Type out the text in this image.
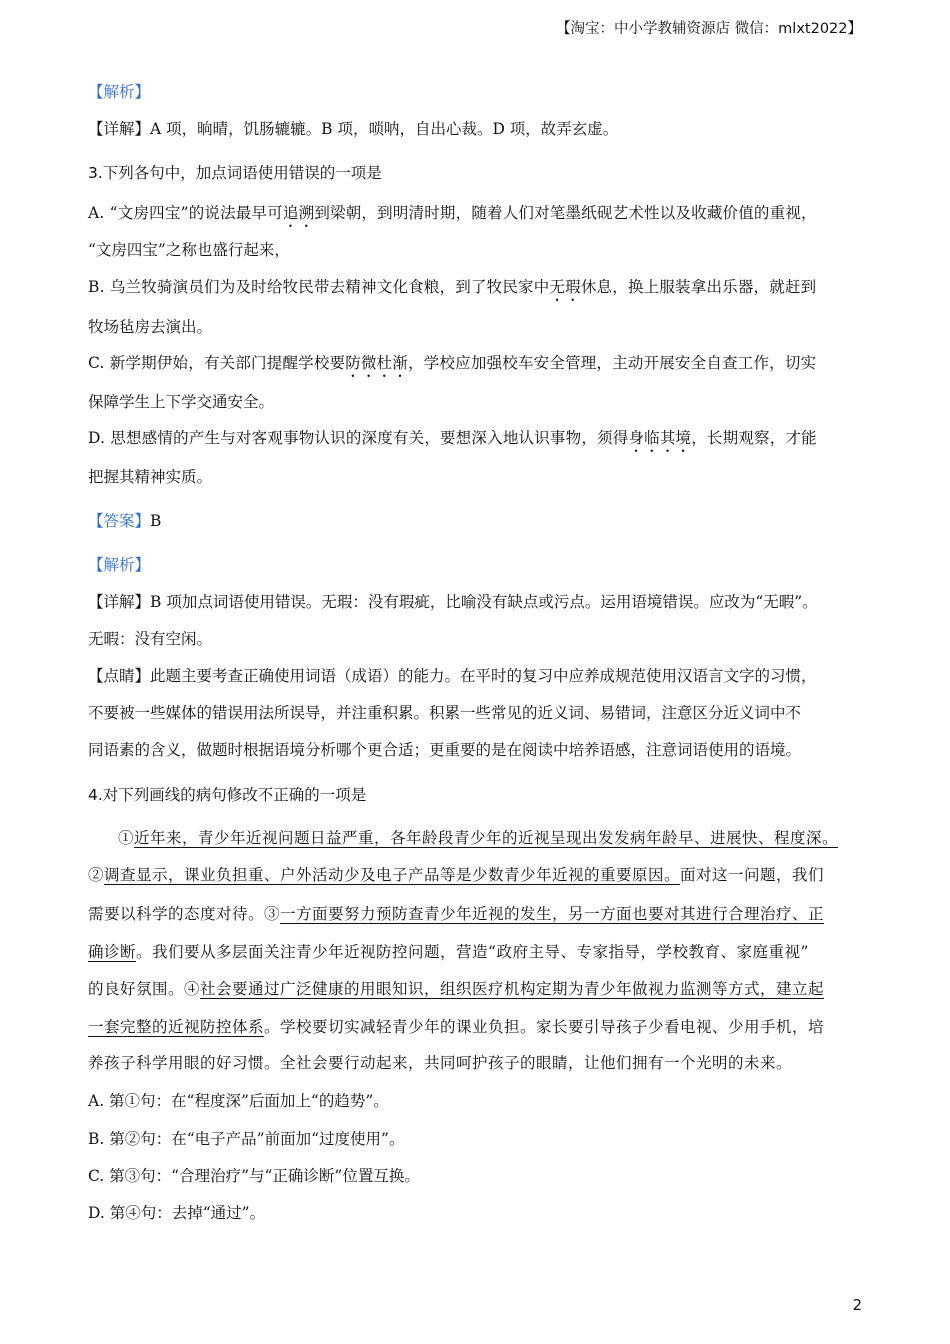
【淘宝：中小学教辅资源店 微信：mlxt2022】
【解析】
【详解】A 项，晌晴，饥肠辘辘。B 项，唢呐，自出心裁。D 项，故弄玄虚。
3.下列各句中，加点词语使用错误的一项是
A. “文房四宝”的说法最早可追溯到梁朝，到明清时期，随着人们对笔墨纸砚艺术性以及收藏价值的重视，
“文房四宝”之称也盛行起来，
B. 乌兰牧骑演员们为及时给牧民带去精神文化食粮，到了牧民家中无瑕休息，换上服装拿出乐器，就赶到
牧场毡房去演出。
C. 新学期伊始，有关部门提醒学校要防微杜渐，学校应加强校车安全管理，主动开展安全自查工作，切实
保障学生上下学交通安全。
D. 思想感情的产生与对客观事物认识的深度有关，要想深入地认识事物，须得身临其境，长期观察，才能
把握其精神实质。
【答案】B
【解析】
【详解】B 项加点词语使用错误。无瑕：没有瑕疵，比喻没有缺点或污点。运用语境错误。应改为“无暇”。
无暇：没有空闲。
【点睛】此题主要考查正确使用词语（成语）的能力。在平时的复习中应养成规范使用汉语言文字的习惯，
不要被一些媒体的错误用法所误导，并注重积累。积累一些常见的近义词、易错词，注意区分近义词中不
同语素的含义，做题时根据语境分析哪个更合适；更重要的是在阅读中培养语感，注意词语使用的语境。
4.对下列画线的病句修改不正确的一项是
①近年来，青少年近视问题日益严重，各年龄段青少年的近视呈现出发发病年龄早、进展快、程度深。
②调查显示，课业负担重、户外活动少及电子产品等是少数青少年近视的重要原因。面对这一问题，我们
需要以科学的态度对待。③一方面要努力预防查青少年近视的发生，另一方面也要对其进行合理治疗、正
确诊断。我们要从多层面关注青少年近视防控问题，营造“政府主导、专家指导，学校教育、家庭重视”
的良好氛围。④社会要通过广泛健康的用眼知识，组织医疗机构定期为青少年做视力监测等方式，建立起
一套完整的近视防控体系。学校要切实减轻青少年的课业负担。家长要引导孩子少看电视、少用手机，培
养孩子科学用眼的好习惯。全社会要行动起来，共同呵护孩子的眼睛，让他们拥有一个光明的未来。
A. 第①句：在“程度深”后面加上“的趋势”。
B. 第②句：在“电子产品”前面加“过度使用”。
C. 第③句：“合理治疗”与“正确诊断”位置互换。
D. 第④句：去掉“通过”。
2
